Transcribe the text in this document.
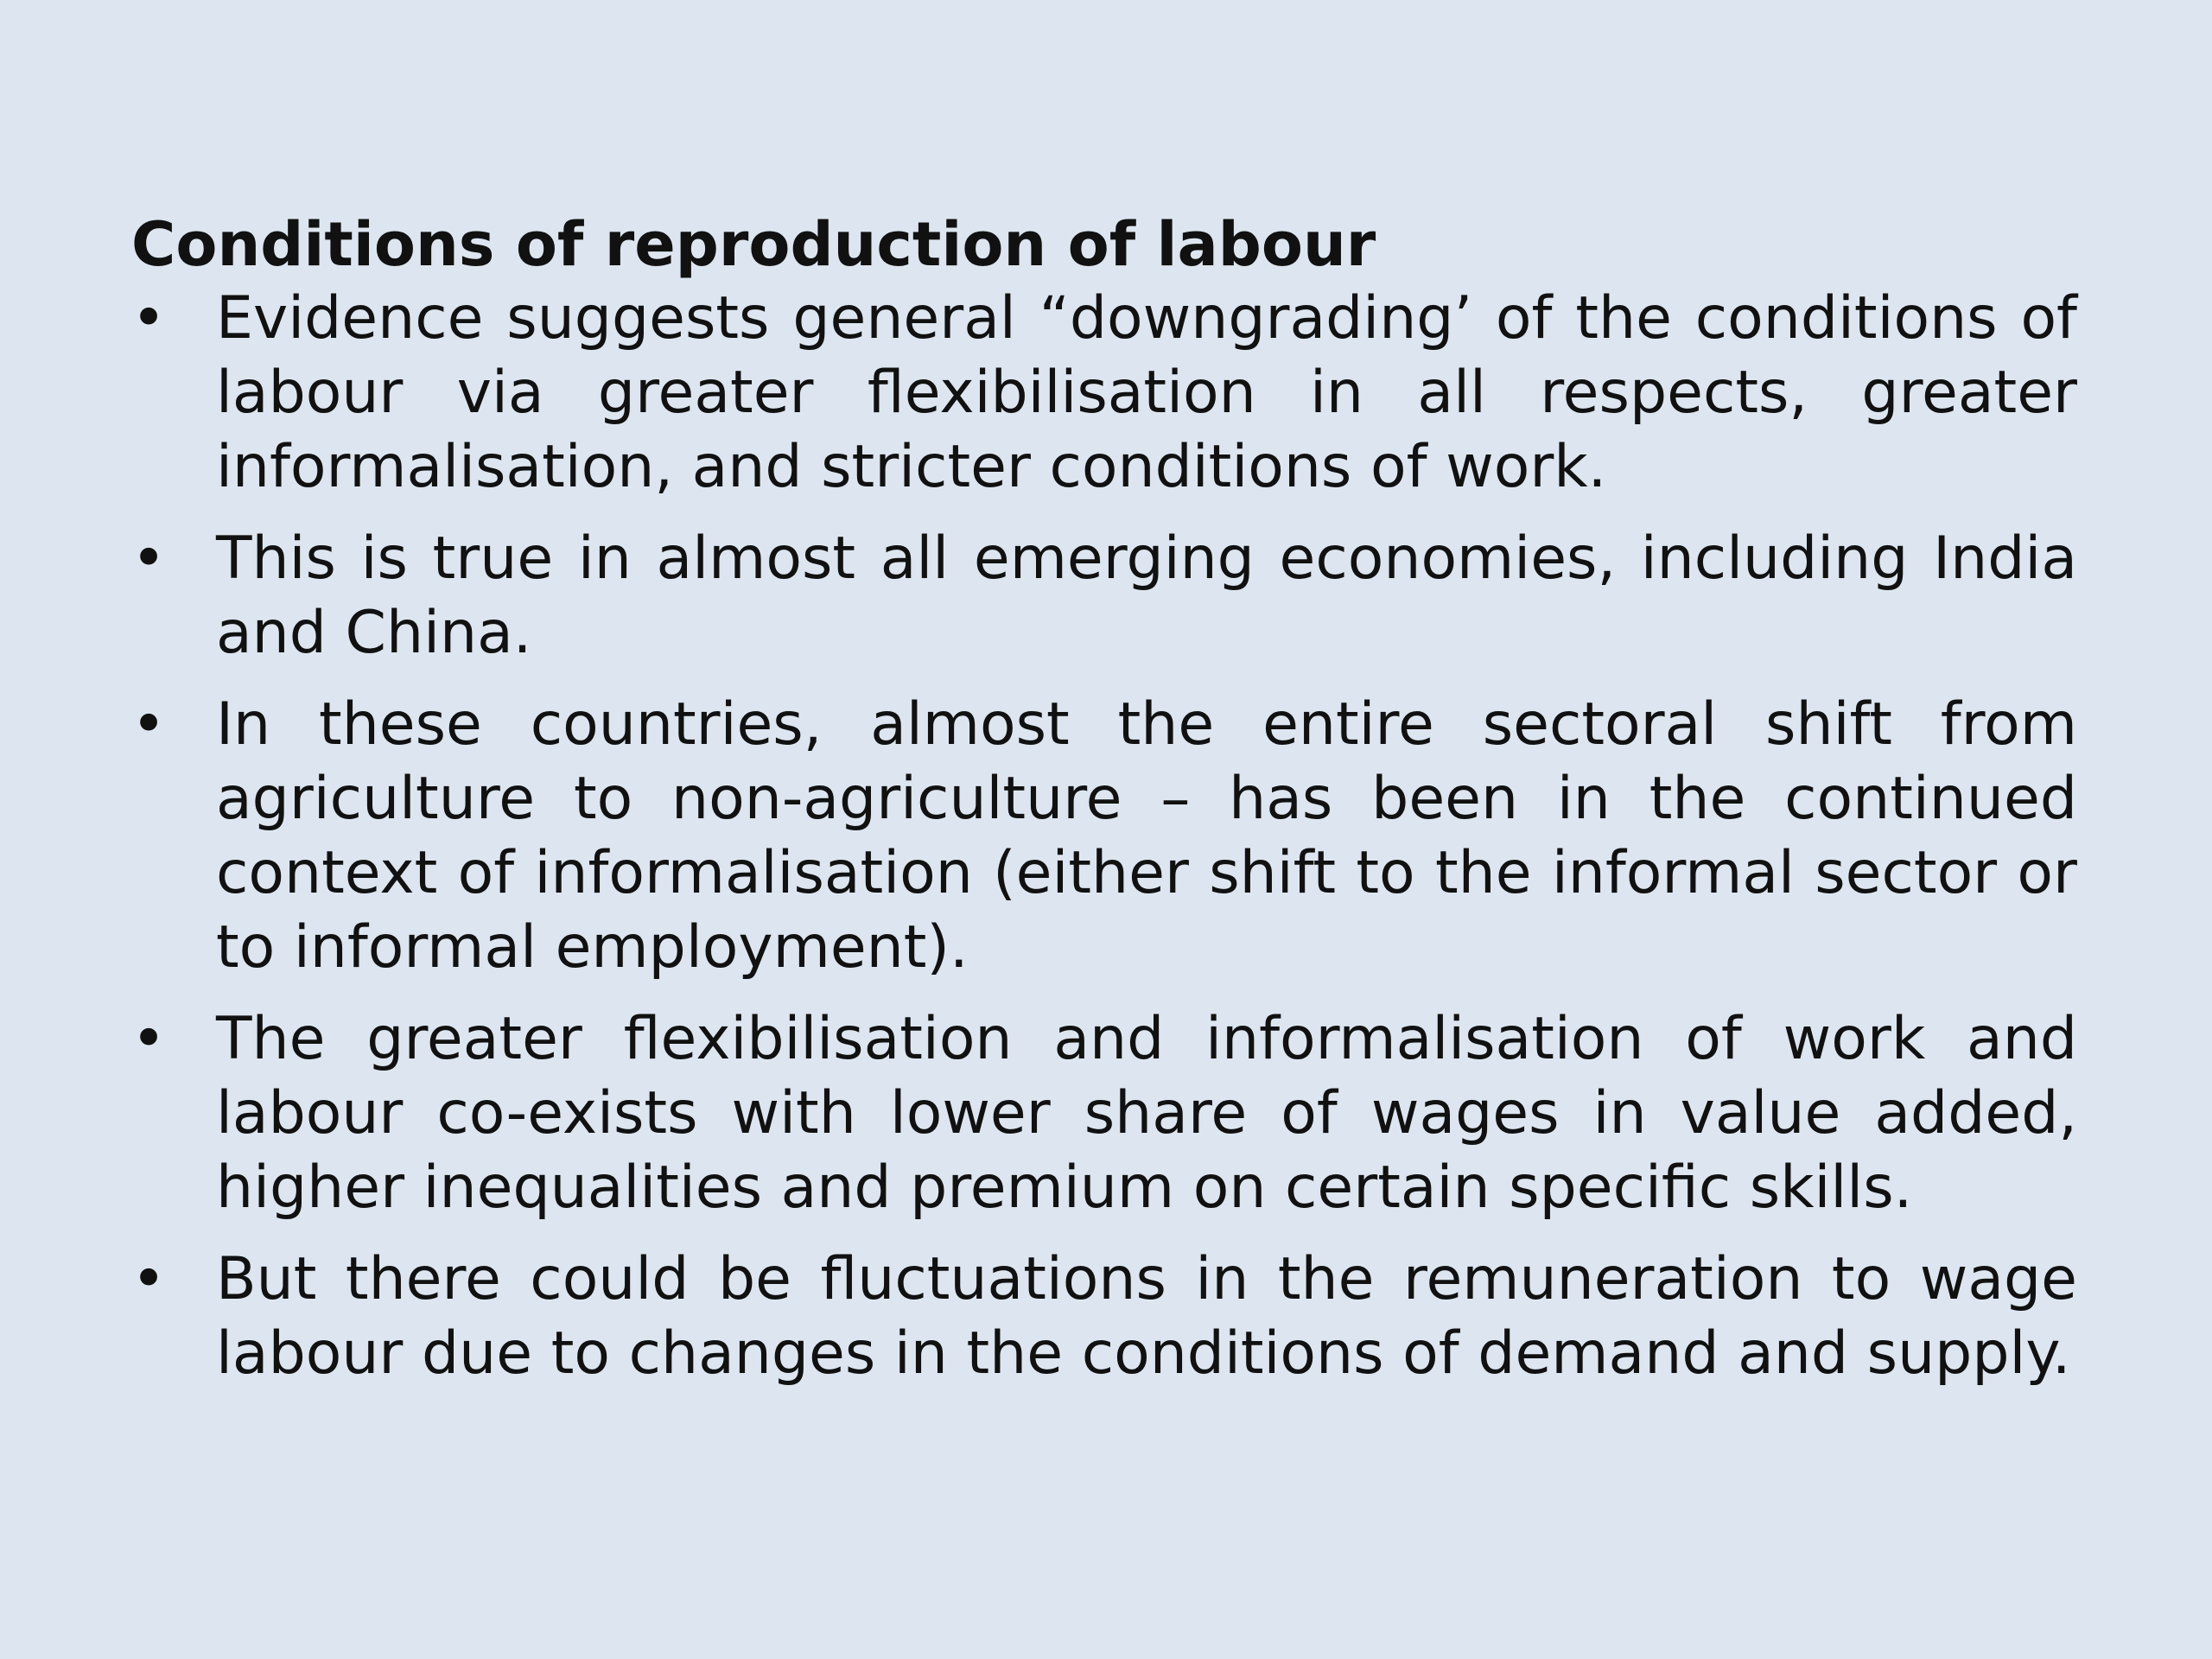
Conditions of reproduction of labour
• Evidence suggests general “downgrading’ of the conditions of labour via greater flexibilisation in all respects, greater informalisation, and stricter conditions of work.
• This is true in almost all emerging economies, including India and China.
• In these countries, almost the entire sectoral shift from agriculture to non-agriculture – has been in the continued context of informalisation (either shift to the informal sector or to informal employment).
• The greater flexibilisation and informalisation of work and labour co-exists with lower share of wages in value added, higher inequalities and premium on certain specific skills.
• But there could be fluctuations in the remuneration to wage labour due to changes in the conditions of demand and supply.
